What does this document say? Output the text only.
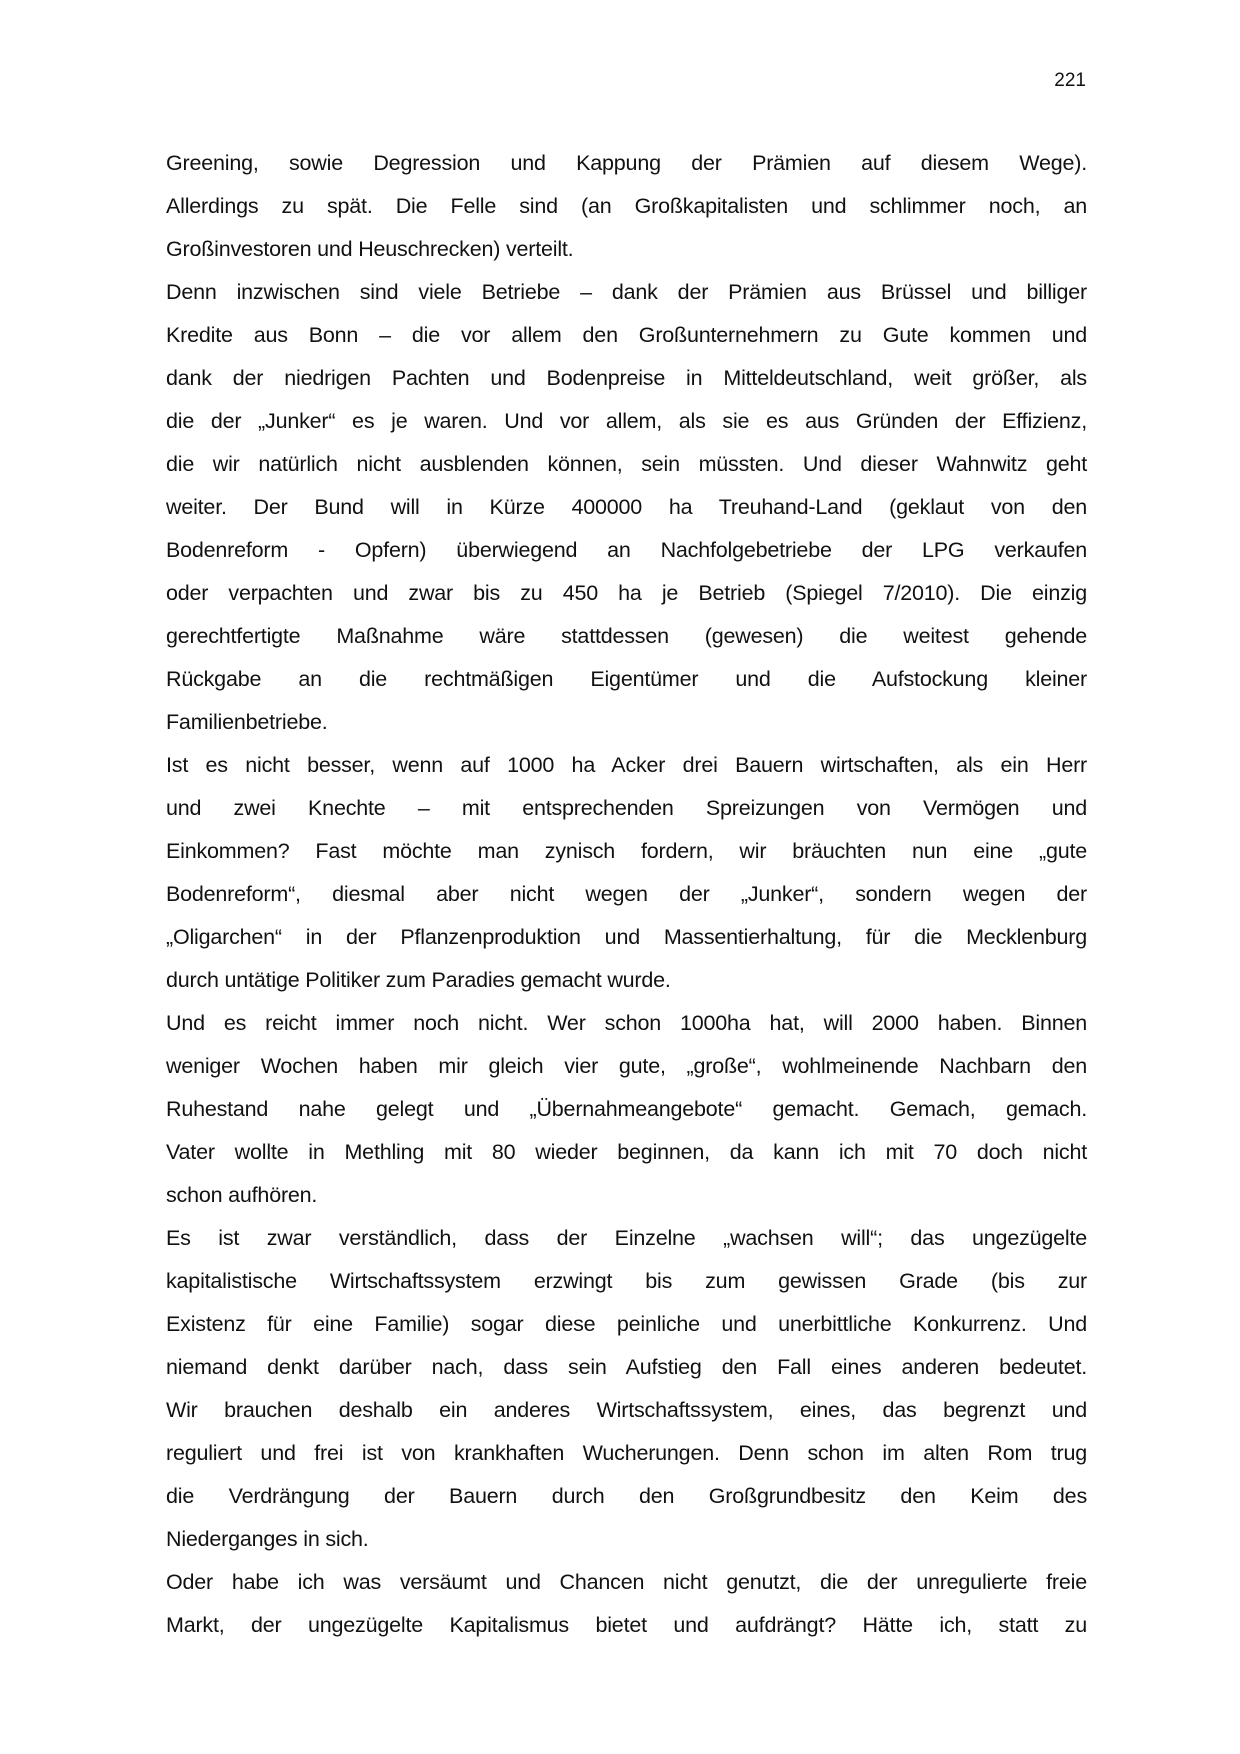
221
Greening, sowie Degression und Kappung der Prämien auf diesem Wege).
Allerdings zu spät. Die Felle sind (an Großkapitalisten und schlimmer noch, an
Großinvestoren und Heuschrecken) verteilt.
Denn inzwischen sind viele Betriebe – dank der Prämien aus Brüssel und billiger
Kredite aus Bonn – die vor allem den Großunternehmern zu Gute kommen und
dank der niedrigen Pachten und Bodenpreise in Mitteldeutschland, weit größer, als
die der „Junker“ es je waren. Und vor allem, als sie es aus Gründen der Effizienz,
die wir natürlich nicht ausblenden können, sein müssten. Und dieser Wahnwitz geht
weiter. Der Bund will in Kürze 400000 ha Treuhand-Land (geklaut von den
Bodenreform - Opfern) überwiegend an Nachfolgebetriebe der LPG verkaufen
oder verpachten und zwar bis zu 450 ha je Betrieb (Spiegel 7/2010). Die einzig
gerechtfertigte Maßnahme wäre stattdessen (gewesen) die weitest gehende
Rückgabe an die rechtmäßigen Eigentümer und die Aufstockung kleiner
Familienbetriebe.
Ist es nicht besser, wenn auf 1000 ha Acker drei Bauern wirtschaften, als ein Herr
und zwei Knechte – mit entsprechenden Spreizungen von Vermögen und
Einkommen? Fast möchte man zynisch fordern, wir bräuchten nun eine „gute
Bodenreform“, diesmal aber nicht wegen der „Junker“, sondern wegen der
„Oligarchen“ in der Pflanzenproduktion und Massentierhaltung, für die Mecklenburg
durch untätige Politiker zum Paradies gemacht wurde.
Und es reicht immer noch nicht. Wer schon 1000ha hat, will 2000 haben. Binnen
weniger Wochen haben mir gleich vier gute, „große“, wohlmeinende Nachbarn den
Ruhestand nahe gelegt und „Übernahmeangebote“ gemacht. Gemach, gemach.
Vater wollte in Methling mit 80 wieder beginnen, da kann ich mit 70 doch nicht
schon aufhören.
Es ist zwar verständlich, dass der Einzelne „wachsen will“; das ungezügelte
kapitalistische Wirtschaftssystem erzwingt bis zum gewissen Grade (bis zur
Existenz für eine Familie) sogar diese peinliche und unerbittliche Konkurrenz. Und
niemand denkt darüber nach, dass sein Aufstieg den Fall eines anderen bedeutet.
Wir brauchen deshalb ein anderes Wirtschaftssystem, eines, das begrenzt und
reguliert und frei ist von krankhaften Wucherungen. Denn schon im alten Rom trug
die Verdrängung der Bauern durch den Großgrundbesitz den Keim des
Niederganges in sich.
Oder habe ich was versäumt und Chancen nicht genutzt, die der unregulierte freie
Markt, der ungezügelte Kapitalismus bietet und aufdrängt? Hätte ich, statt zu
